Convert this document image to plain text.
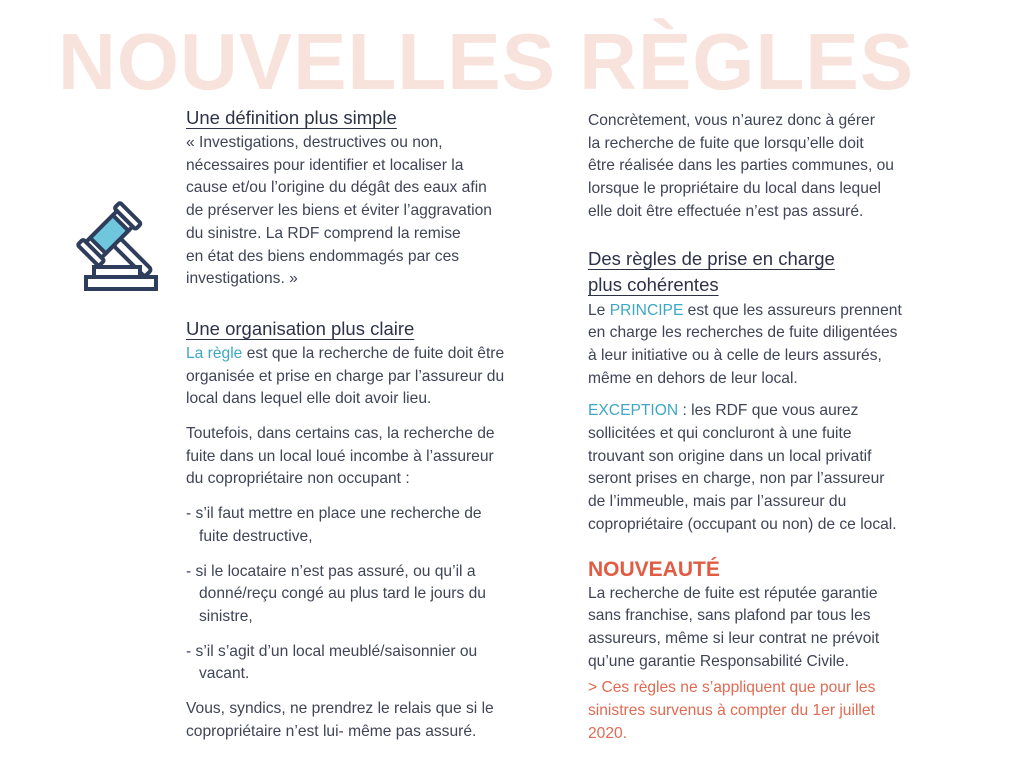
NOUVELLES RÈGLES

Une définition plus simple

« Investigations, destructives ou non,
nécessaires pour identifier et localiser la
cause et/ou l’origine du dégât des eaux afin
de préserver les biens et éviter l’aggravation
du sinistre. La RDF comprend la remise
en état des biens endommagés par ces
investigations. »

Une organisation plus claire

La règle est que la recherche de fuite doit être
organisée et prise en charge par l’assureur du
local dans lequel elle doit avoir lieu.

Toutefois, dans certains cas, la recherche de
fuite dans un local loué incombe à l’assureur
du copropriétaire non occupant :

- s’il faut mettre en place une recherche de
fuite destructive,

- si le locataire n’est pas assuré, ou qu’il a
donné/reçu congé au plus tard le jours du
sinistre,

- s’il s’agit d’un local meublé/saisonnier ou
vacant.

Vous, syndics, ne prendrez le relais que si le
copropriétaire n’est lui- même pas assuré.

Concrètement, vous n’aurez donc à gérer
la recherche de fuite que lorsqu’elle doit
être réalisée dans les parties communes, ou
lorsque le propriétaire du local dans lequel
elle doit être effectuée n’est pas assuré.

Des règles de prise en charge
plus cohérentes

Le PRINCIPE est que les assureurs prennent
en charge les recherches de fuite diligentées
à leur initiative ou à celle de leurs assurés,
même en dehors de leur local.

EXCEPTION : les RDF que vous aurez
sollicitées et qui concluront à une fuite
trouvant son origine dans un local privatif
seront prises en charge, non par l’assureur
de l’immeuble, mais par l’assureur du
copropriétaire (occupant ou non) de ce local.

NOUVEAUTÉ

La recherche de fuite est réputée garantie
sans franchise, sans plafond par tous les
assureurs, même si leur contrat ne prévoit
qu’une garantie Responsabilité Civile.

> Ces règles ne s’appliquent que pour les
sinistres survenus à compter du 1er juillet
2020.
